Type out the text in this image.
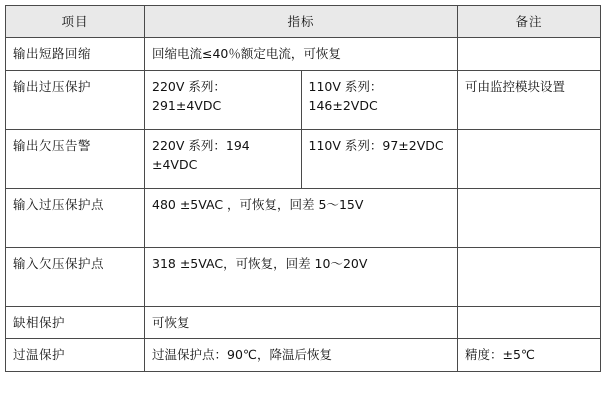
项目	指标		备注
输出短路回缩	回缩电流≤40％额定电流，可恢复		
输出过压保护	220V 系列：291±4VDC	110V 系列：146±2VDC	可由监控模块设置
输出欠压告警	220V 系列：194 ±4VDC	110V 系列：97±2VDC	
输入过压保护点	480 ±5VAC ，可恢复，回差 5～15V		
输入欠压保护点	318 ±5VAC，可恢复，回差 10～20V		
缺相保护	可恢复		
过温保护	过温保护点：90℃，降温后恢复		精度：±5℃
